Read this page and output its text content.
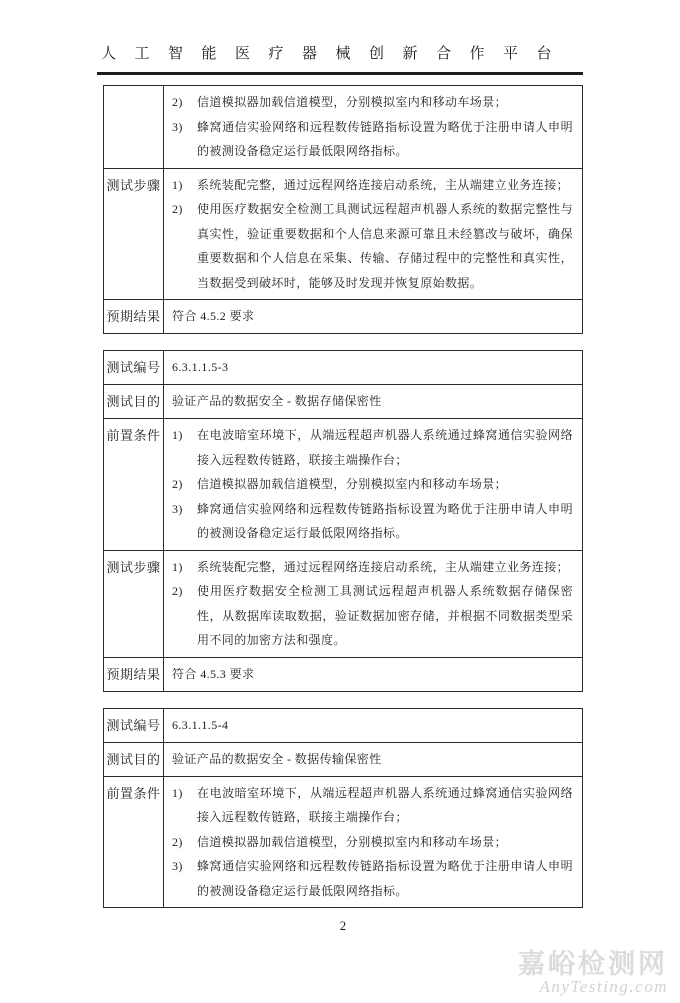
人工智能医疗器械创新合作平台

	2) 信道模拟器加载信道模型，分别模拟室内和移动车场景；
3) 蜂窝通信实验网络和远程数传链路指标设置为略优于注册申请人申明的被测设备稳定运行最低限网络指标。

测试步骤	1) 系统装配完整，通过远程网络连接启动系统，主从端建立业务连接；
2) 使用医疗数据安全检测工具测试远程超声机器人系统的数据完整性与真实性，验证重要数据和个人信息来源可靠且未经篡改与破坏，确保重要数据和个人信息在采集、传输、存储过程中的完整性和真实性，当数据受到破坏时，能够及时发现并恢复原始数据。

预期结果	符合 4.5.2 要求
测试编号	6.3.1.1.5-3

测试目的	验证产品的数据安全 - 数据存储保密性

前置条件	1)	在电波暗室环境下，从端远程超声机器人系统通过蜂窝通信实验网络接入远程数传链路，联接主端操作台；
2)	信道模拟器加载信道模型，分别模拟室内和移动车场景；
3)	蜂窝通信实验网络和远程数传链路指标设置为略优于注册申请人申明的被测设备稳定运行最低限网络指标。

测试步骤	1) 系统装配完整，通过远程网络连接启动系统，主从端建立业务连接；
2) 使用医疗数据安全检测工具测试远程超声机器人系统数据存储保密性，从数据库读取数据，验证数据加密存储，并根据不同数据类型采用不同的加密方法和强度。

预期结果	符合 4.5.3 要求
测试编号	6.3.1.1.5-4

测试目的	验证产品的数据安全 - 数据传输保密性

前置条件	1)	在电波暗室环境下，从端远程超声机器人系统通过蜂窝通信实验网络接入远程数传链路，联接主端操作台；
2)	信道模拟器加载信道模型，分别模拟室内和移动车场景；
3)	蜂窝通信实验网络和远程数传链路指标设置为略优于注册申请人申明的被测设备稳定运行最低限网络指标。
2
嘉峪检测网
AnyTesting.com
